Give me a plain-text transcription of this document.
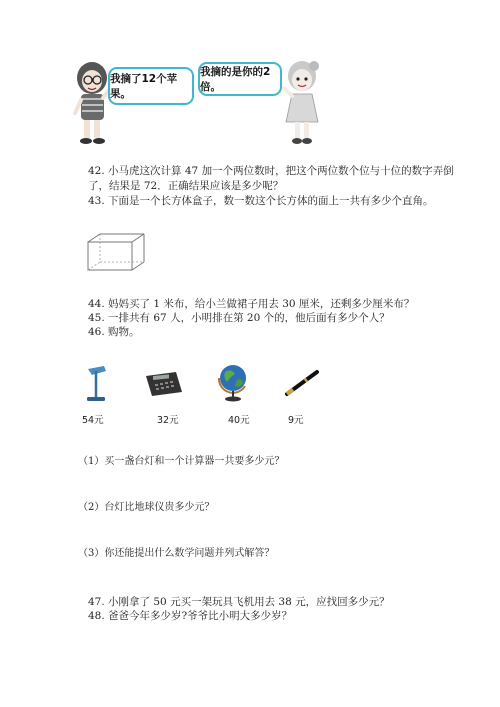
我摘了12个苹果。
我摘的是你的2倍。
42. 小马虎这次计算 47 加一个两位数时，把这个两位数个位与十位的数字弄倒
了，结果是 72．正确结果应该是多少呢？
43. 下面是一个长方体盒子，数一数这个长方体的面上一共有多少个直角。
44. 妈妈买了 1 米布，给小兰做裙子用去 30 厘米，还剩多少厘米布？
45. 一排共有 67 人，小明排在第 20 个的，他后面有多少个人？
46. 购物。
54元	32元	40元	9元
（1）买一盏台灯和一个计算器一共要多少元？
（2）台灯比地球仪贵多少元？
（3）你还能提出什么数学问题并列式解答？
47. 小刚拿了 50 元买一架玩具飞机用去 38 元，应找回多少元？
48. 爸爸今年多少岁?爷爷比小明大多少岁？
